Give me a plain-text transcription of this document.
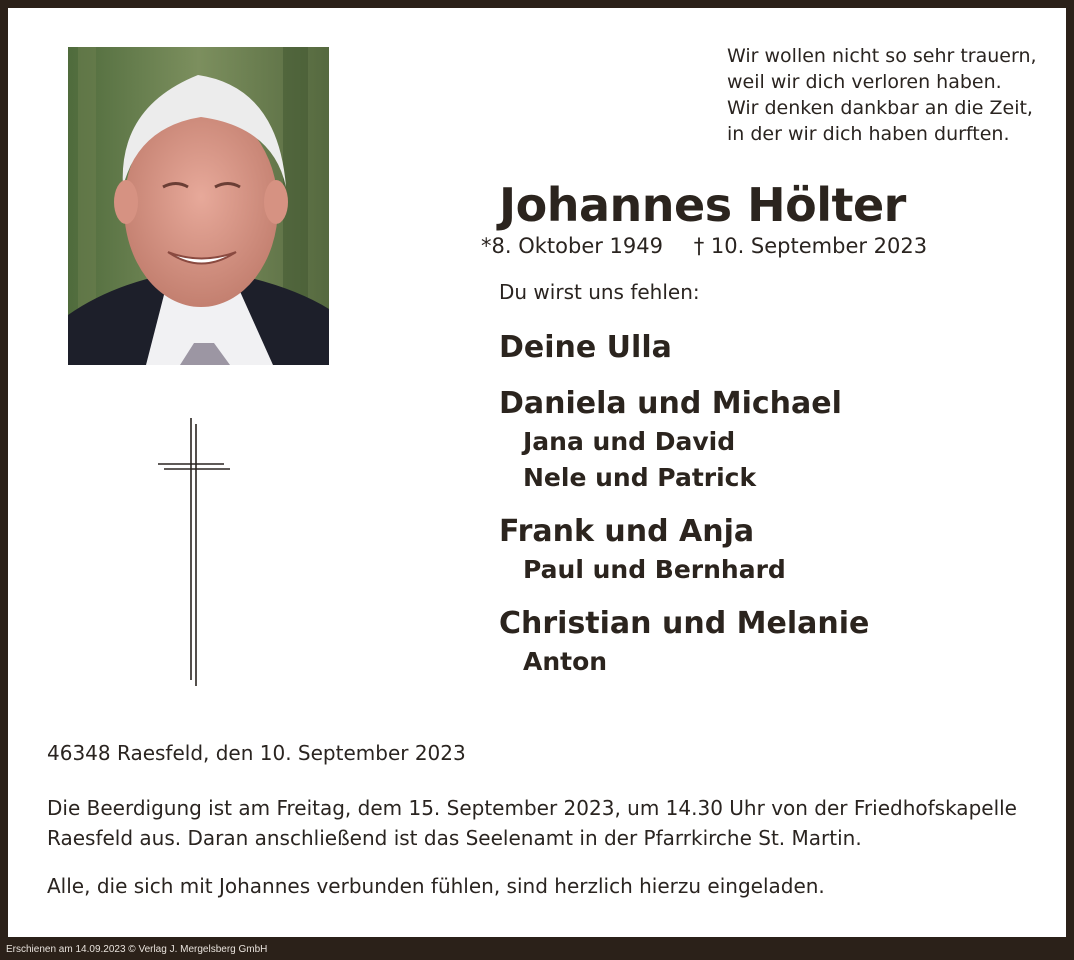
Wir wollen nicht so sehr trauern,
weil wir dich verloren haben.
Wir denken dankbar an die Zeit,
in der wir dich haben durften.
Johannes Hölter
*8. Oktober 1949 † 10. September 2023
Du wirst uns fehlen:
Deine Ulla
Daniela und Michael
Jana und David
Nele und Patrick
Frank und Anja
Paul und Bernhard
Christian und Melanie
Anton
46348 Raesfeld, den 10. September 2023
Die Beerdigung ist am Freitag, dem 15. September 2023, um 14.30 Uhr von der Friedhofskapelle
Raesfeld aus. Daran anschließend ist das Seelenamt in der Pfarrkirche St. Martin.
Alle, die sich mit Johannes verbunden fühlen, sind herzlich hierzu eingeladen.
Erschienen am 14.09.2023 © Verlag J. Mergelsberg GmbH
